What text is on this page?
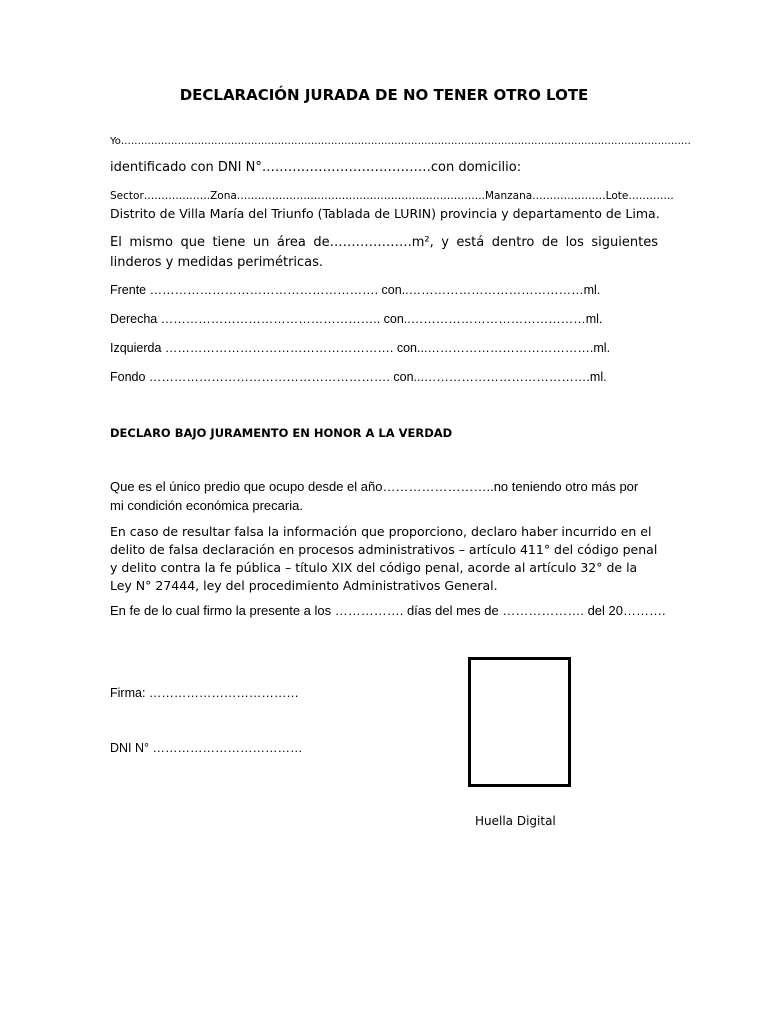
DECLARACIÓN JURADA DE NO TENER OTRO LOTE
Yo………………………………………………………………………………………………………………………………………………………
identificado con DNI N°…………………………………con domicilio:
Sector……………….Zona……………………………………………………………..Manzana…………………Lote………….
Distrito de Villa María del Triunfo (Tablada de LURIN) provincia y departamento de Lima.
El mismo que tiene un área de……………….m², y está dentro de los siguientes linderos y medidas perimétricas.
Frente ………………………………………………. con..……………………………………ml.
Derecha …………………………………………….. con..……………………………………ml.
Izquierda ………………………………………………. con...………………………………….ml.
Fondo …………………………………………………. con...………………………………….ml.
DECLARO BAJO JURAMENTO EN HONOR A LA VERDAD
Que es el único predio que ocupo desde el año……………………..no teniendo otro más por mi condición económica precaria.
En caso de resultar falsa la información que proporciono, declaro haber incurrido en el delito de falsa declaración en procesos administrativos – artículo 411° del código penal y delito contra la fe pública – título XIX del código penal, acorde al artículo 32° de la Ley N° 27444, ley del procedimiento Administrativos General.
En fe de lo cual firmo la presente a los ……………. días del mes de ………………. del 20……….
Firma: ………………………………
DNI N° ………………………………
Huella Digital
